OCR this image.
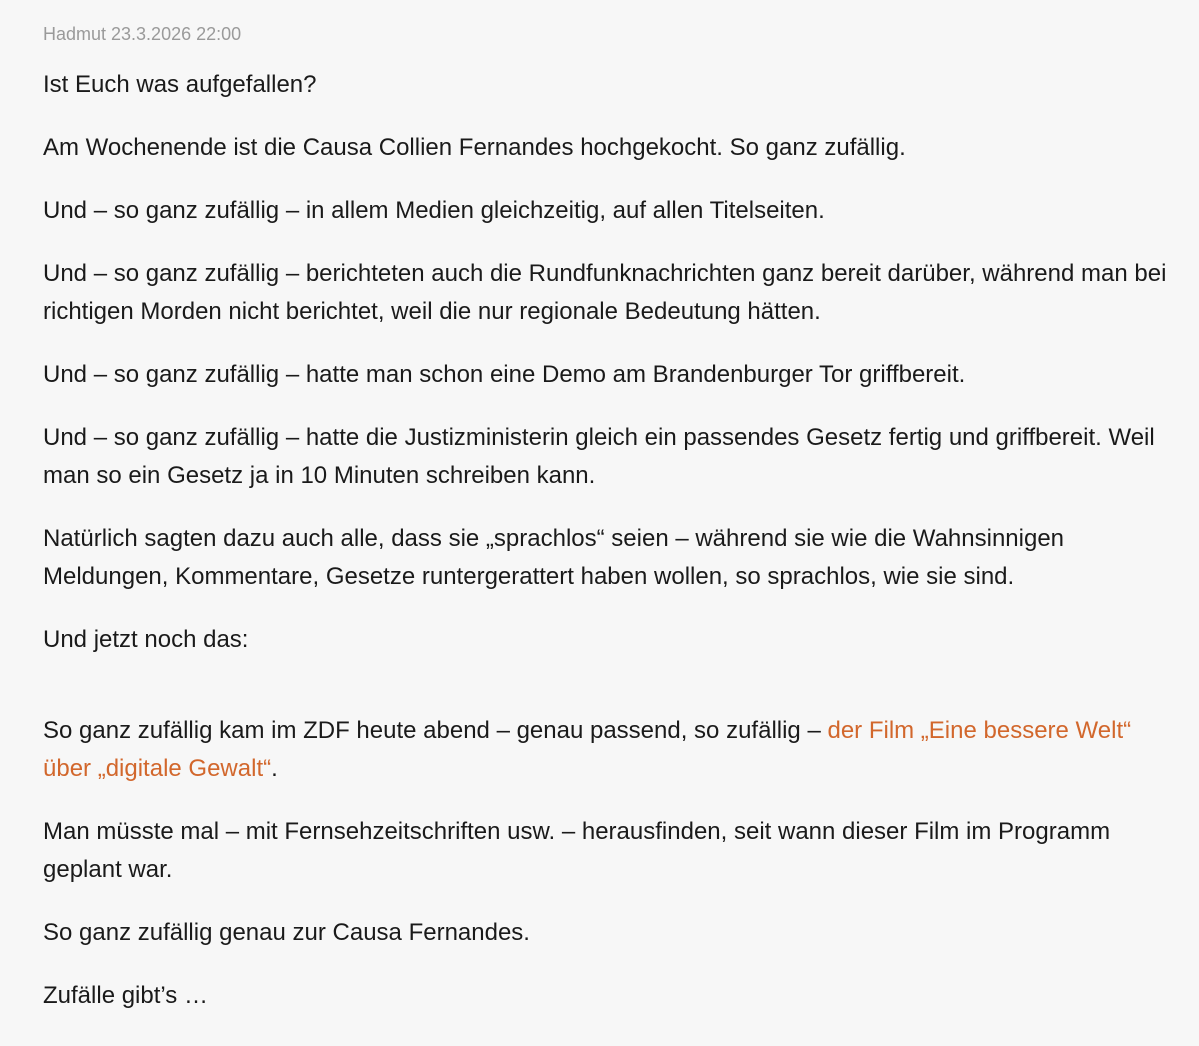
Hadmut 23.3.2026 22:00

Ist Euch was aufgefallen?

Am Wochenende ist die Causa Collien Fernandes hochgekocht. So ganz zufällig.

Und – so ganz zufällig – in allem Medien gleichzeitig, auf allen Titelseiten.

Und – so ganz zufällig – berichteten auch die Rundfunknachrichten ganz bereit darüber, während man bei richtigen Morden nicht berichtet, weil die nur regionale Bedeutung hätten.

Und – so ganz zufällig – hatte man schon eine Demo am Brandenburger Tor griffbereit.

Und – so ganz zufällig – hatte die Justizministerin gleich ein passendes Gesetz fertig und griffbereit. Weil man so ein Gesetz ja in 10 Minuten schreiben kann.

Natürlich sagten dazu auch alle, dass sie „sprachlos“ seien – während sie wie die Wahnsinnigen Meldungen, Kommentare, Gesetze runtergerattert haben wollen, so sprachlos, wie sie sind.

Und jetzt noch das:

So ganz zufällig kam im ZDF heute abend – genau passend, so zufällig – der Film „Eine bessere Welt“ über „digitale Gewalt“.

Man müsste mal – mit Fernsehzeitschriften usw. – herausfinden, seit wann dieser Film im Programm geplant war.

So ganz zufällig genau zur Causa Fernandes.

Zufälle gibt’s …
